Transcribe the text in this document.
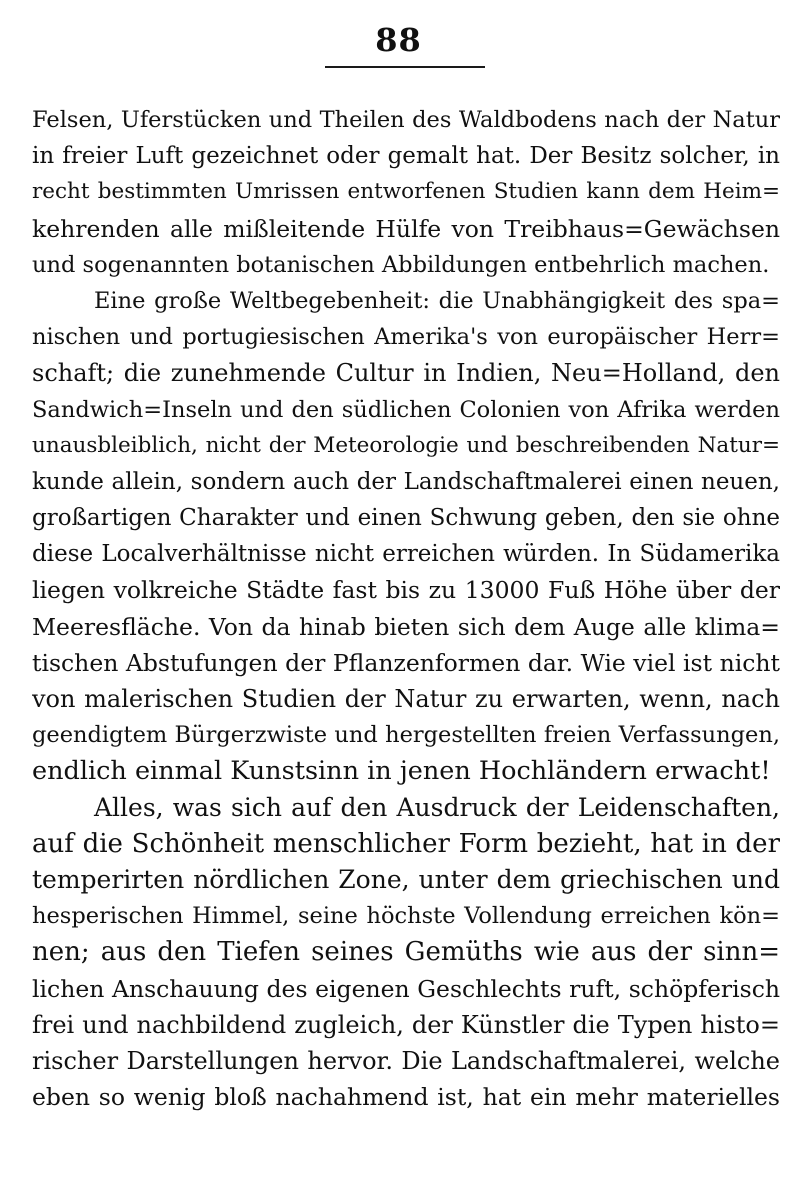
88
Felsen, Uferstücken und Theilen des Waldbodens nach der Natur
in freier Luft gezeichnet oder gemalt hat. Der Besitz solcher, in
recht bestimmten Umrissen entworfenen Studien kann dem Heim=
kehrenden alle mißleitende Hülfe von Treibhaus=Gewächsen
und sogenannten botanischen Abbildungen entbehrlich machen.
Eine große Weltbegebenheit: die Unabhängigkeit des spa=
nischen und portugiesischen Amerika's von europäischer Herr=
schaft; die zunehmende Cultur in Indien, Neu=Holland, den
Sandwich=Inseln und den südlichen Colonien von Afrika werden
unausbleiblich, nicht der Meteorologie und beschreibenden Natur=
kunde allein, sondern auch der Landschaftmalerei einen neuen,
großartigen Charakter und einen Schwung geben, den sie ohne
diese Localverhältnisse nicht erreichen würden. In Südamerika
liegen volkreiche Städte fast bis zu 13000 Fuß Höhe über der
Meeresfläche. Von da hinab bieten sich dem Auge alle klima=
tischen Abstufungen der Pflanzenformen dar. Wie viel ist nicht
von malerischen Studien der Natur zu erwarten, wenn, nach
geendigtem Bürgerzwiste und hergestellten freien Verfassungen,
endlich einmal Kunstsinn in jenen Hochländern erwacht!
Alles, was sich auf den Ausdruck der Leidenschaften,
auf die Schönheit menschlicher Form bezieht, hat in der
temperirten nördlichen Zone, unter dem griechischen und
hesperischen Himmel, seine höchste Vollendung erreichen kön=
nen; aus den Tiefen seines Gemüths wie aus der sinn=
lichen Anschauung des eigenen Geschlechts ruft, schöpferisch
frei und nachbildend zugleich, der Künstler die Typen histo=
rischer Darstellungen hervor. Die Landschaftmalerei, welche
eben so wenig bloß nachahmend ist, hat ein mehr materielles
